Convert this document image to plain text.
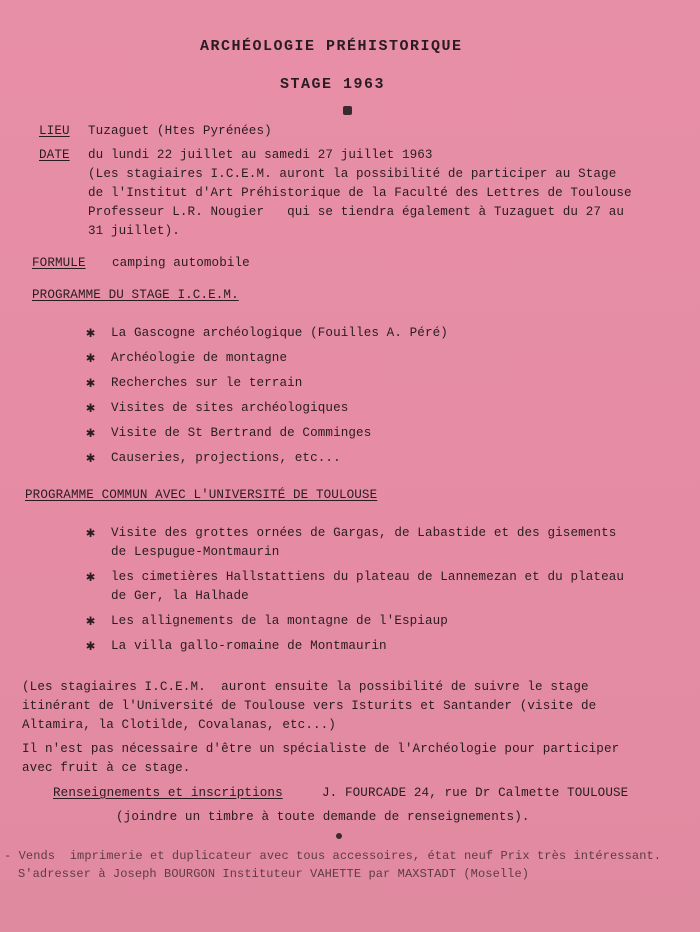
ARCHÉOLOGIE PRÉHISTORIQUE
STAGE 1963
LIEU Tuzaguet (Htes Pyrénées)
DATE du lundi 22 juillet au samedi 27 juillet 1963
(Les stagiaires I.C.E.M. auront la possibilité de participer au Stage
de l'Institut d'Art Préhistorique de la Faculté des Lettres de Toulouse
Professeur L.R. Nougier   qui se tiendra également à Tuzaguet du 27 au
31 juillet).
FORMULE camping automobile
PROGRAMME DU STAGE I.C.E.M.
✱ La Gascogne archéologique (Fouilles A. Péré)
✱ Archéologie de montagne
✱ Recherches sur le terrain
✱ Visites de sites archéologiques
✱ Visite de St Bertrand de Comminges
✱ Causeries, projections, etc...
PROGRAMME COMMUN AVEC L'UNIVERSITÉ DE TOULOUSE
✱ Visite des grottes ornées de Gargas, de Labastide et des gisements
de Lespugue-Montmaurin
✱ les cimetières Hallstattiens du plateau de Lannemezan et du plateau
de Ger, la Halhade
✱ Les allignements de la montagne de l'Espiaup
✱ La villa gallo-romaine de Montmaurin
(Les stagiaires I.C.E.M.  auront ensuite la possibilité de suivre le stage
itinérant de l'Université de Toulouse vers Isturits et Santander (visite de
Altamira, la Clotilde, Covalanas, etc...)
Il n'est pas nécessaire d'être un spécialiste de l'Archéologie pour participer
avec fruit à ce stage.
Renseignements et inscriptions	J. FOURCADE 24, rue Dr Calmette TOULOUSE
(joindre un timbre à toute demande de renseignements).
- Vends  imprimerie et duplicateur avec tous accessoires, état neuf Prix très intéressant.
S'adresser à Joseph BOURGON Instituteur VAHETTE par MAXSTADT (Moselle)
